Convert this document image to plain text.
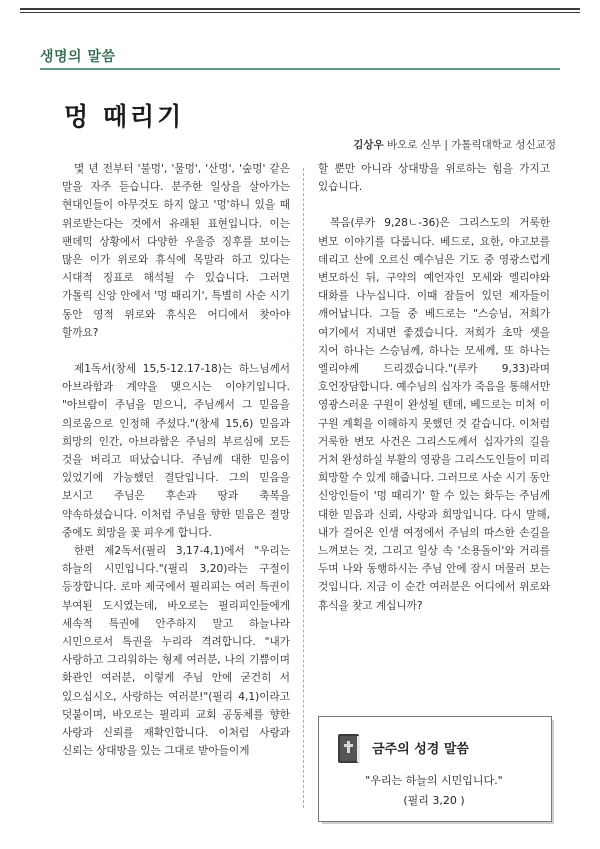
생명의 말씀
멍 때리기
김상우 바오로 신부 | 가톨릭대학교 성신교정

몇 년 전부터 '불멍', '물멍', '산멍', '숲멍' 같은 말을 자주 듣습니다. 분주한 일상을 살아가는 현대인들이 아무것도 하지 않고 '멍'하니 있을 때 위로받는다는 것에서 유래된 표현입니다. 이는 팬데믹 상황에서 다양한 우울증 징후를 보이는 많은 이가 위로와 휴식에 목말라 하고 있다는 시대적 징표로 해석될 수 있습니다. 그러면 가톨릭 신앙 안에서 '멍 때리기', 특별히 사순 시기 동안 영적 위로와 휴식은 어디에서 찾아야 할까요?

제1독서(창세 15,5-12.17-18)는 하느님께서 아브라함과 계약을 맺으시는 이야기입니다. "아브람이 주님을 믿으니, 주님께서 그 믿음을 의로움으로 인정해 주셨다."(창세 15,6) 믿음과 희망의 인간, 아브라함은 주님의 부르심에 모든 것을 버리고 떠났습니다. 주님께 대한 믿음이 있었기에 가능했던 결단입니다. 그의 믿음을 보시고 주님은 후손과 땅과 축복을 약속하셨습니다. 이처럼 주님을 향한 믿음은 절망 중에도 희망을 꽃 피우게 합니다.

한편 제2독서(필리 3,17-4,1)에서 "우리는 하늘의 시민입니다."(필리 3,20)라는 구절이 등장합니다. 로마 제국에서 필리피는 여러 특권이 부여된 도시였는데, 바오로는 필리피인들에게 세속적 특권에 안주하지 말고 하늘나라 시민으로서 특권을 누리라 격려합니다. "내가 사랑하고 그리워하는 형제 여러분, 나의 기쁨이며 화관인 여러분, 이렇게 주님 안에 굳건히 서 있으십시오, 사랑하는 여러분!"(필리 4,1)이라고 덧붙이며, 바오로는 필리피 교회 공동체를 향한 사랑과 신뢰를 재확인합니다. 이처럼 사랑과 신뢰는 상대방을 있는 그대로 받아들이게

할 뿐만 아니라 상대방을 위로하는 힘을 가지고 있습니다.

복음(루카 9,28ㄴ-36)은 그리스도의 거룩한 변모 이야기를 다룹니다. 베드로, 요한, 야고보를 데리고 산에 오르신 예수님은 기도 중 영광스럽게 변모하신 뒤, 구약의 예언자인 모세와 엘리야와 대화를 나누십니다. 이때 잠들어 있던 제자들이 깨어납니다. 그들 중 베드로는 "스승님, 저희가 여기에서 지내면 좋겠습니다. 저희가 초막 셋을 지어 하나는 스승님께, 하나는 모세께, 또 하나는 엘리야께 드리겠습니다."(루카 9,33)라며 호언장담합니다. 예수님의 십자가 죽음을 통해서만 영광스러운 구원이 완성될 텐데, 베드로는 미처 이 구원 계획을 이해하지 못했던 것 같습니다. 이처럼 거룩한 변모 사건은 그리스도께서 십자가의 길을 거쳐 완성하실 부활의 영광을 그리스도인들이 미리 희망할 수 있게 해줍니다. 그러므로 사순 시기 동안 신앙인들이 '멍 때리기' 할 수 있는 화두는 주님께 대한 믿음과 신뢰, 사랑과 희망입니다. 다시 말해, 내가 걸어온 인생 여정에서 주님의 따스한 손길을 느껴보는 것, 그리고 일상 속 '소용돌이'와 거리를 두며 나와 동행하시는 주님 안에 잠시 머물러 보는 것입니다. 지금 이 순간 여러분은 어디에서 위로와 휴식을 찾고 계십니까?

금주의 성경 말씀
"우리는 하늘의 시민입니다."
(필리 3,20 )
